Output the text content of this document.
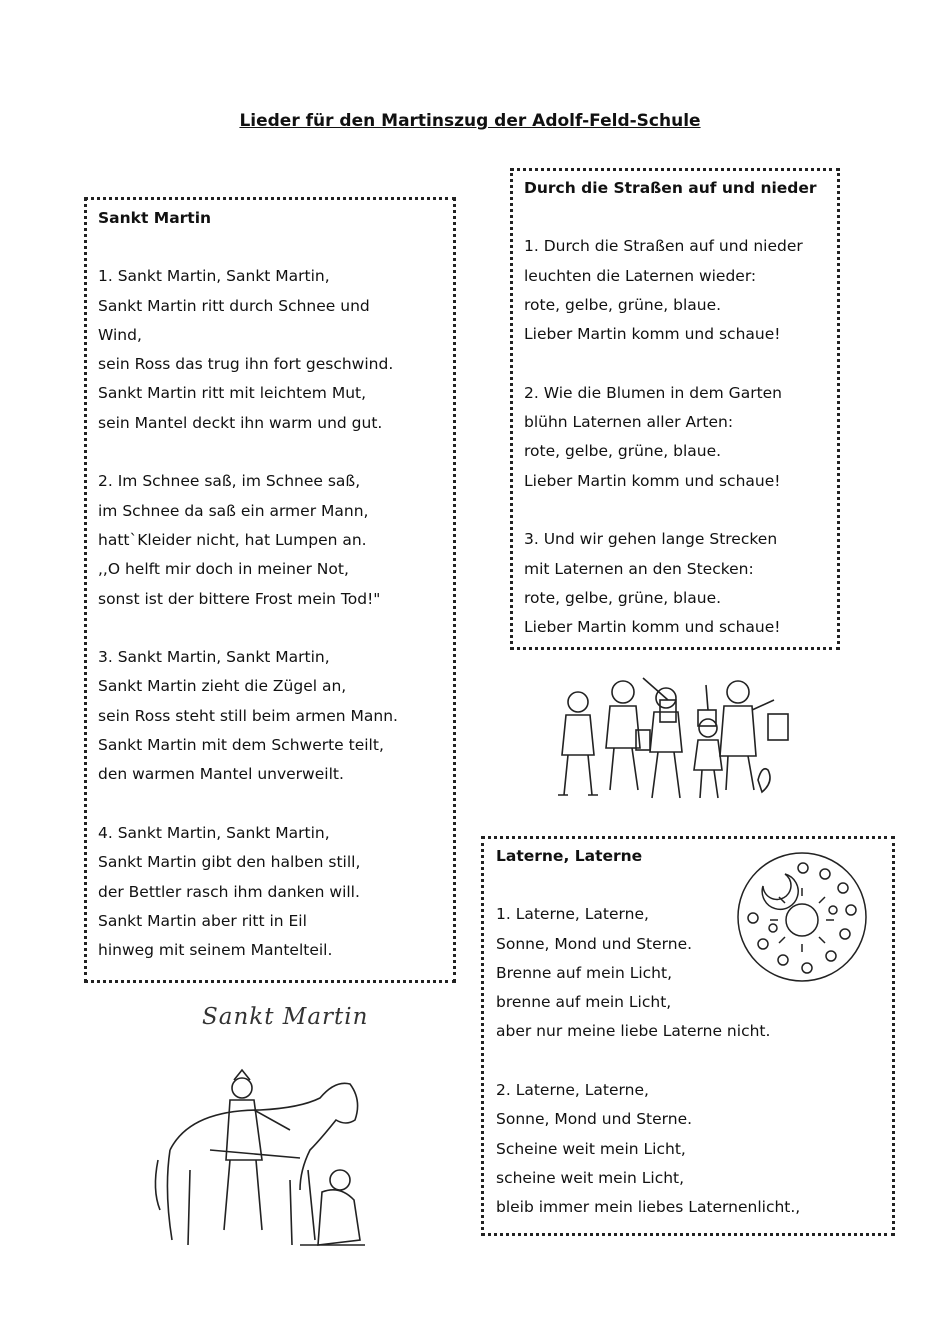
Lieder für den Martinszug der Adolf-Feld-Schule
Sankt Martin

1. Sankt Martin, Sankt Martin,
Sankt Martin ritt durch Schnee und
Wind,
sein Ross das trug ihn fort geschwind.
Sankt Martin ritt mit leichtem Mut,
sein Mantel deckt ihn warm und gut.

2. Im Schnee saß, im Schnee saß,
im Schnee da saß ein armer Mann,
hatt`Kleider nicht, hat Lumpen an.
,,O helft mir doch in meiner Not,
sonst ist der bittere Frost mein Tod!"

3. Sankt Martin, Sankt Martin,
Sankt Martin zieht die Zügel an,
sein Ross steht still beim armen Mann.
Sankt Martin mit dem Schwerte teilt,
den warmen Mantel unverweilt.

4. Sankt Martin, Sankt Martin,
Sankt Martin gibt den halben still,
der Bettler rasch ihm danken will.
Sankt Martin aber ritt in Eil
hinweg mit seinem Mantelteil.
Durch die Straßen auf und nieder

1. Durch die Straßen auf und nieder
leuchten die Laternen wieder:
rote, gelbe, grüne, blaue.
Lieber Martin komm und schaue!

2. Wie die Blumen in dem Garten
blühn Laternen aller Arten:
rote, gelbe, grüne, blaue.
Lieber Martin komm und schaue!

3. Und wir gehen lange Strecken
mit Laternen an den Stecken:
rote, gelbe, grüne, blaue.
Lieber Martin komm und schaue!
Laterne, Laterne

1. Laterne, Laterne,
Sonne, Mond und Sterne.
Brenne auf mein Licht,
brenne auf mein Licht,
aber nur meine liebe Laterne nicht.

2. Laterne, Laterne,
Sonne, Mond und Sterne.
Scheine weit mein Licht,
scheine weit mein Licht,
bleib immer mein liebes Laternenlicht.,
Sankt Martin
